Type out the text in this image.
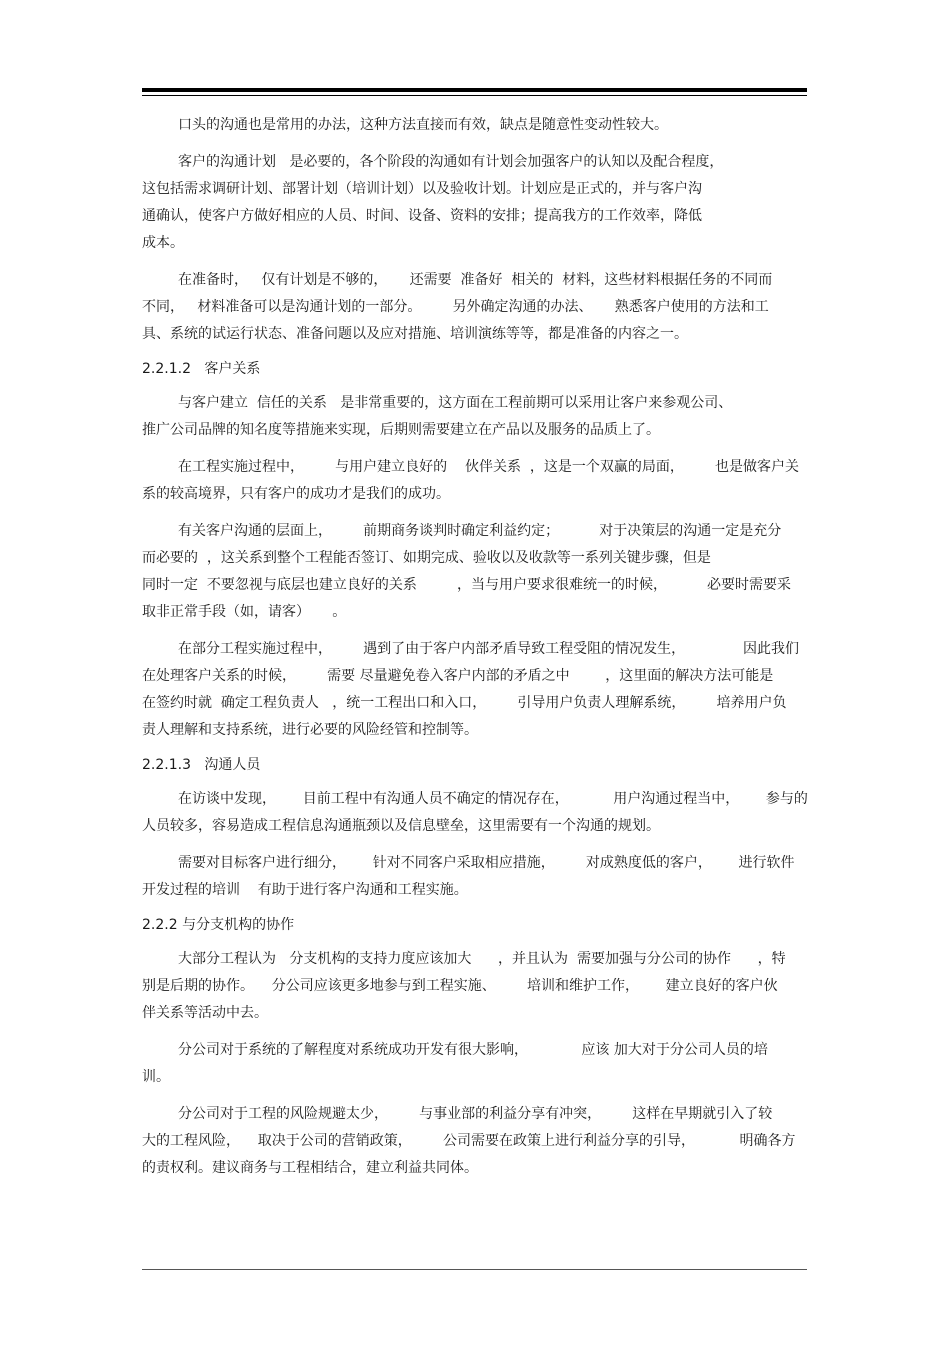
口头的沟通也是常用的办法，这种方法直接而有效，缺点是随意性变动性较大。
客户的沟通计划   是必要的，各个阶段的沟通如有计划会加强客户的认知以及配合程度，
这包括需求调研计划、部署计划（培训计划）以及验收计划。计划应是正式的，并与客户沟
通确认，使客户方做好相应的人员、时间、设备、资料的安排；提高我方的工作效率，降低
成本。
在准备时，   仅有计划是不够的，     还需要  准备好  相关的  材料，这些材料根据任务的不同而
不同，   材料准备可以是沟通计划的一部分。       另外确定沟通的办法、     熟悉客户使用的方法和工
具、系统的试运行状态、准备问题以及应对措施、培训演练等等，都是准备的内容之一。
2.2.1.2   客户关系
与客户建立  信任的关系   是非常重要的，这方面在工程前期可以采用让客户来参观公司、
推广公司品牌的知名度等措施来实现，后期则需要建立在产品以及服务的品质上了。
在工程实施过程中，       与用户建立良好的    伙伴关系  ，这是一个双赢的局面，       也是做客户关
系的较高境界，只有客户的成功才是我们的成功。
有关客户沟通的层面上，       前期商务谈判时确定利益约定；         对于决策层的沟通一定是充分
而必要的  ，这关系到整个工程能否签订、如期完成、验收以及收款等一系列关键步骤，但是
同时一定  不要忽视与底层也建立良好的关系         ，当与用户要求很难统一的时候，         必要时需要采
取非正常手段（如，请客）     。
在部分工程实施过程中，       遇到了由于客户内部矛盾导致工程受阻的情况发生，             因此我们
在处理客户关系的时候，       需要 尽量避免卷入客户内部的矛盾之中        ，这里面的解决方法可能是
在签约时就  确定工程负责人   ，统一工程出口和入口，       引导用户负责人理解系统，       培养用户负
责人理解和支持系统，进行必要的风险经管和控制等。
2.2.1.3   沟通人员
在访谈中发现，      目前工程中有沟通人员不确定的情况存在，          用户沟通过程当中，      参与的
人员较多，容易造成工程信息沟通瓶颈以及信息壁垒，这里需要有一个沟通的规划。
需要对目标客户进行细分，      针对不同客户采取相应措施，       对成熟度低的客户，      进行软件
开发过程的培训    有助于进行客户沟通和工程实施。
2.2.2 与分支机构的协作
大部分工程认为   分支机构的支持力度应该加大      ，并且认为  需要加强与分公司的协作      ，特
别是后期的协作。    分公司应该更多地参与到工程实施、       培训和维护工作，      建立良好的客户伙
伴关系等活动中去。
分公司对于系统的了解程度对系统成功开发有很大影响，            应该 加大对于分公司人员的培
训。
分公司对于工程的风险规避太少，       与事业部的利益分享有冲突，       这样在早期就引入了较
大的工程风险，    取决于公司的营销政策，       公司需要在政策上进行利益分享的引导，          明确各方
的责权利。建议商务与工程相结合，建立利益共同体。
